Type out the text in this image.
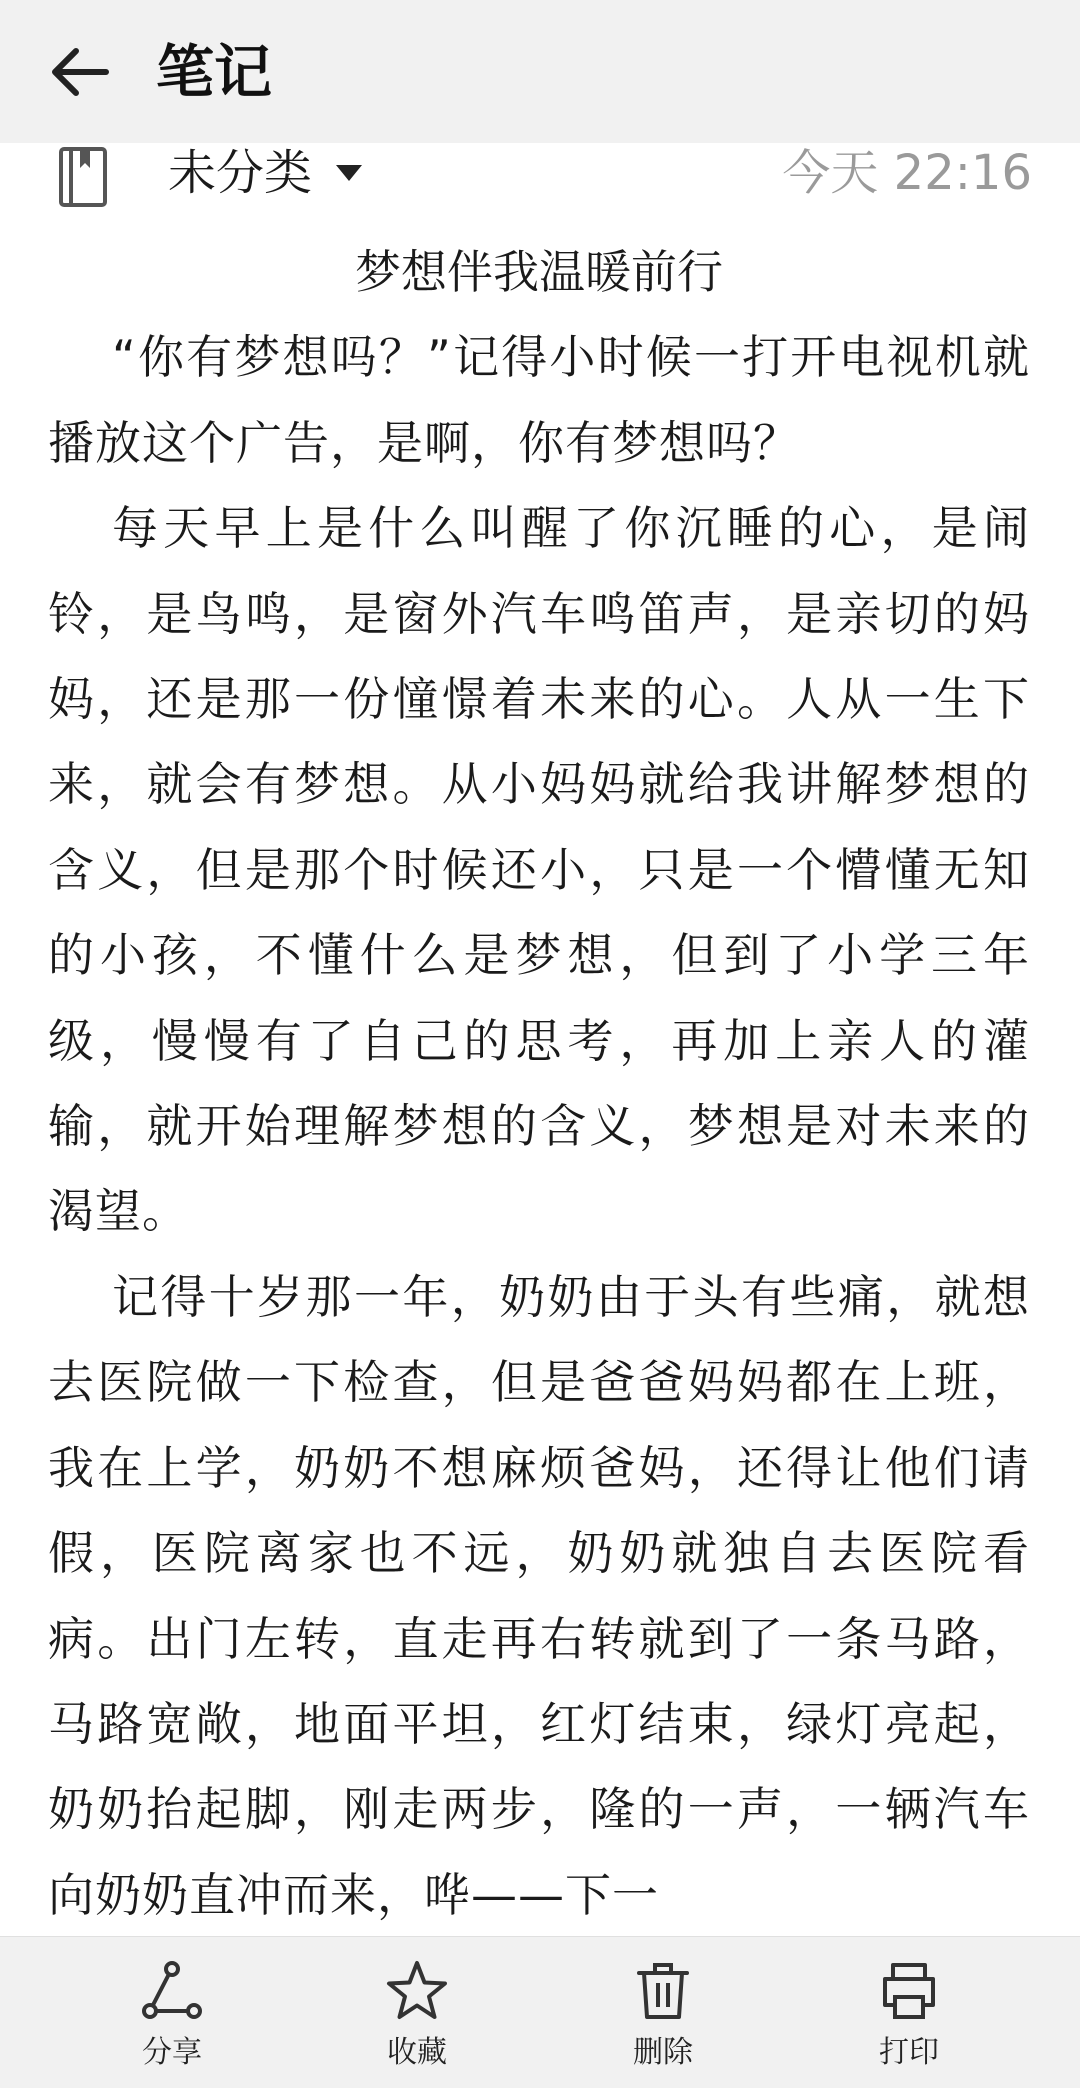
笔记
未分类	今天 22:16
梦想伴我温暖前行

“你有梦想吗？”记得小时候一打开电视机就播放这个广告，是啊，你有梦想吗？

每天早上是什么叫醒了你沉睡的心，是闹铃，是鸟鸣，是窗外汽车鸣笛声，是亲切的妈妈，还是那一份憧憬着未来的心。人从一生下来，就会有梦想。从小妈妈就给我讲解梦想的含义，但是那个时候还小，只是一个懵懂无知的小孩，不懂什么是梦想，但到了小学三年级，慢慢有了自己的思考，再加上亲人的灌输，就开始理解梦想的含义，梦想是对未来的渴望。

记得十岁那一年，奶奶由于头有些痛，就想去医院做一下检查，但是爸爸妈妈都在上班，我在上学，奶奶不想麻烦爸妈，还得让他们请假，医院离家也不远，奶奶就独自去医院看病。出门左转，直走再右转就到了一条马路，马路宽敞，地面平坦，红灯结束，绿灯亮起，奶奶抬起脚，刚走两步，隆的一声，一辆汽车向奶奶直冲而来，哗——下一

分享	收藏	删除	打印
